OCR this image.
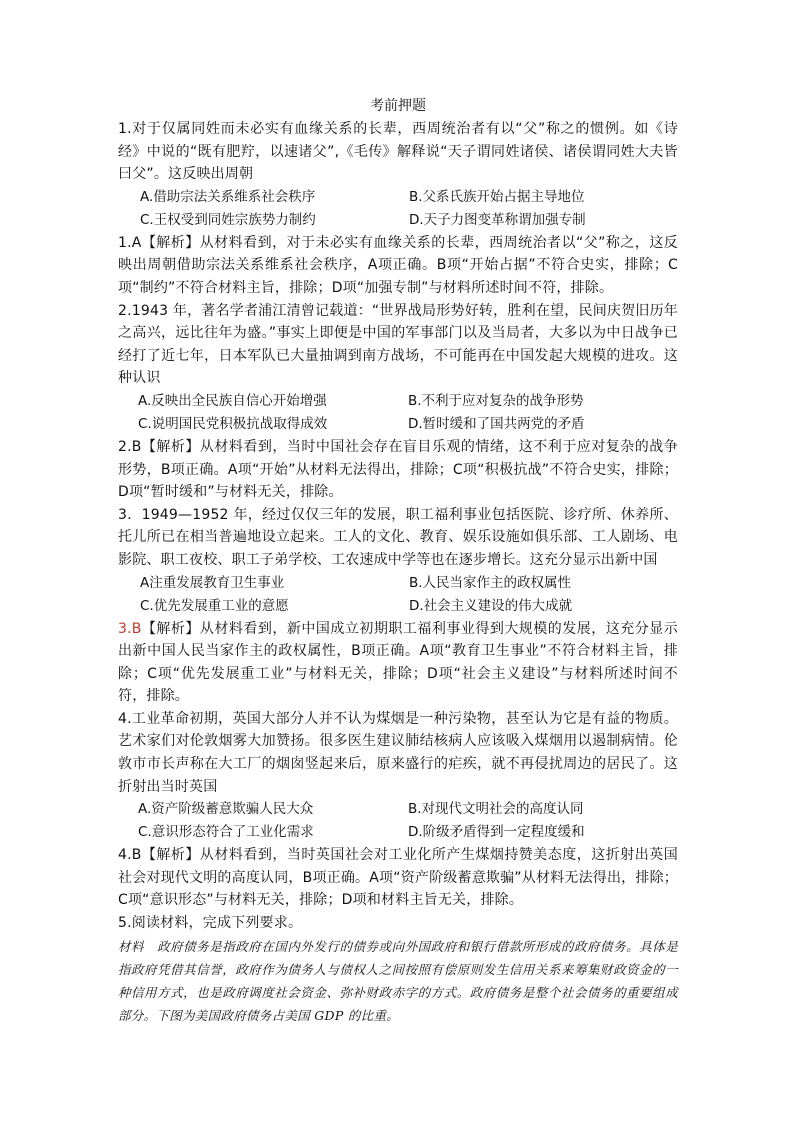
考前押题

1.对于仅属同姓而未必实有血缘关系的长辈，西周统治者有以“父”称之的惯例。如《诗经》中说的“既有肥羜，以速诸父”,《毛传》解释说“天子谓同姓诸侯、诸侯谓同姓大夫皆曰父”。这反映出周朝

A.借助宗法关系维系社会秩序	B.父系氏族开始占据主导地位
C.王权受到同姓宗族势力制约	D.天子力图变革称谓加强专制

1.A【解析】从材料看到，对于未必实有血缘关系的长辈，西周统治者以“父”称之，这反映出周朝借助宗法关系维系社会秩序，A项正确。B项“开始占据”不符合史实，排除；C项“制约”不符合材料主旨，排除；D项“加强专制”与材料所述时间不符，排除。

2.1943 年，著名学者浦江清曾记载道：“世界战局形势好转，胜利在望，民间庆贺旧历年之高兴，远比往年为盛。”事实上即便是中国的军事部门以及当局者，大多以为中日战争已经打了近七年，日本军队已大量抽调到南方战场，不可能再在中国发起大规模的进攻。这种认识

A.反映出全民族自信心开始增强	B.不利于应对复杂的战争形势
C.说明国民党积极抗战取得成效	D.暂时缓和了国共两党的矛盾

2.B【解析】从材料看到，当时中国社会存在盲目乐观的情绪，这不利于应对复杂的战争形势，B项正确。A项“开始”从材料无法得出，排除；C项“积极抗战”不符合史实，排除；D项“暂时缓和”与材料无关，排除。

3．1949—1952 年，经过仅仅三年的发展，职工福利事业包括医院、诊疗所、休养所、托儿所已在相当普遍地设立起来。工人的文化、教育、娱乐设施如俱乐部、工人剧场、电影院、职工夜校、职工子弟学校、工农速成中学等也在逐步增长。这充分显示出新中国

A注重发展教育卫生事业	B.人民当家作主的政权属性
C.优先发展重工业的意愿	D.社会主义建设的伟大成就

3.B【解析】从材料看到，新中国成立初期职工福利事业得到大规模的发展，这充分显示出新中国人民当家作主的政权属性，B项正确。A项“教育卫生事业”不符合材料主旨，排除；C项“优先发展重工业”与材料无关，排除；D项“社会主义建设”与材料所述时间不符，排除。

4.工业革命初期，英国大部分人并不认为煤烟是一种污染物，甚至认为它是有益的物质。艺术家们对伦敦烟雾大加赞扬。很多医生建议肺结核病人应该吸入煤烟用以遏制病情。伦敦市市长声称在大工厂的烟囱竖起来后，原来盛行的疟疾，就不再侵扰周边的居民了。这折射出当时英国

A.资产阶级蓄意欺骗人民大众	B.对现代文明社会的高度认同
C.意识形态符合了工业化需求	D.阶级矛盾得到一定程度缓和

4.B【解析】从材料看到，当时英国社会对工业化所产生煤烟持赞美态度，这折射出英国社会对现代文明的高度认同，B项正确。A项“资产阶级蓄意欺骗”从材料无法得出，排除；C项“意识形态”与材料无关，排除；D项和材料主旨无关，排除。

5.阅读材料，完成下列要求。

材料　政府债务是指政府在国内外发行的债券或向外国政府和银行借款所形成的政府债务。具体是指政府凭借其信誉，政府作为债务人与债权人之间按照有偿原则发生信用关系来筹集财政资金的一种信用方式，也是政府调度社会资金、弥补财政赤字的方式。政府债务是整个社会债务的重要组成部分。下图为美国政府债务占美国 GDP 的比重。
